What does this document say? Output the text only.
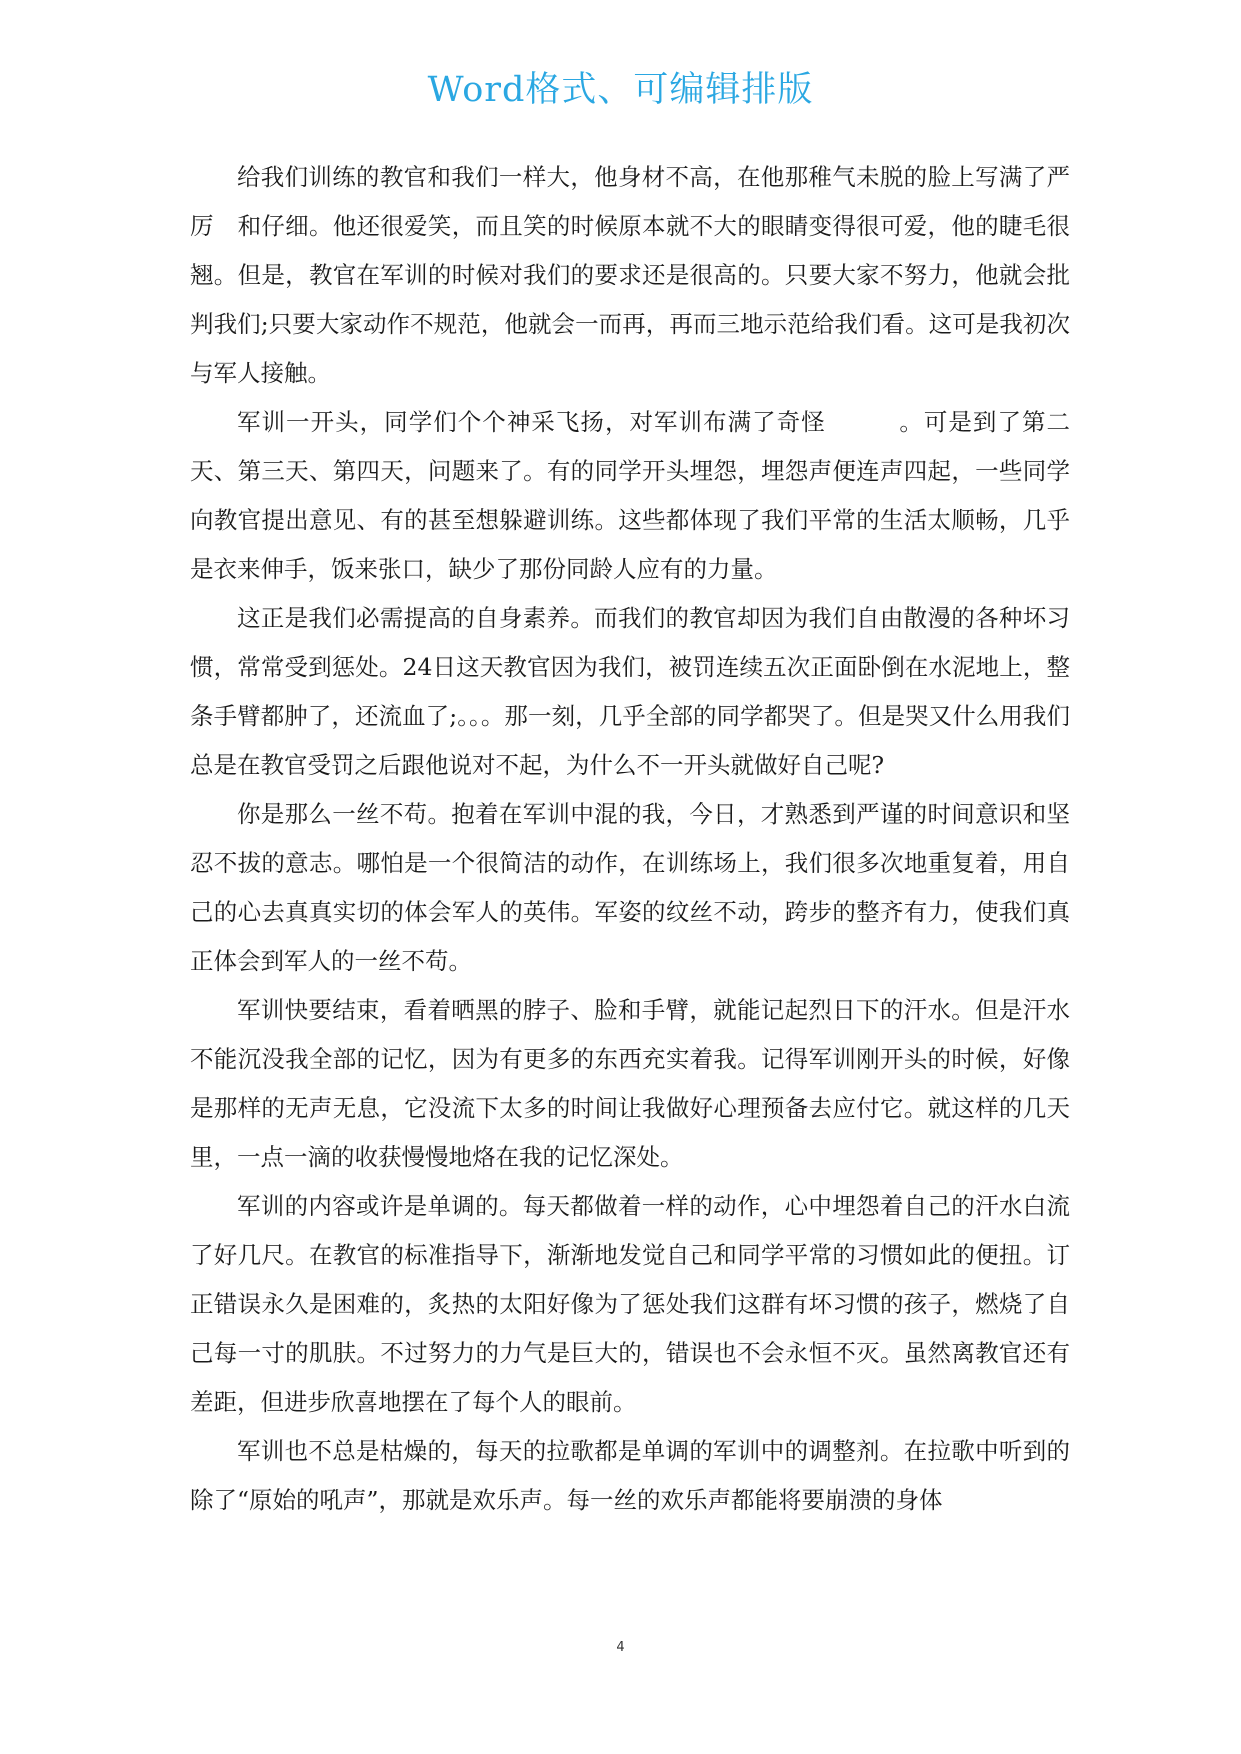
Word格式、可编辑排版

给我们训练的教官和我们一样大，他身材不高，在他那稚气未脱的脸上写满了严厉　和仔细。他还很爱笑，而且笑的时候原本就不大的眼睛变得很可爱，他的睫毛很翘。但是，教官在军训的时候对我们的要求还是很高的。只要大家不努力，他就会批判我们;只要大家动作不规范，他就会一而再，再而三地示范给我们看。这可是我初次与军人接触。

军训一开头，同学们个个神采飞扬，对军训布满了奇怪　　　。可是到了第二天、第三天、第四天，问题来了。有的同学开头埋怨，埋怨声便连声四起，一些同学向教官提出意见、有的甚至想躲避训练。这些都体现了我们平常的生活太顺畅，几乎是衣来伸手，饭来张口，缺少了那份同龄人应有的力量。

这正是我们必需提高的自身素养。而我们的教官却因为我们自由散漫的各种坏习惯，常常受到惩处。24日这天教官因为我们，被罚连续五次正面卧倒在水泥地上，整条手臂都肿了，还流血了;。。。那一刻，几乎全部的同学都哭了。但是哭又什么用我们总是在教官受罚之后跟他说对不起，为什么不一开头就做好自己呢?

你是那么一丝不苟。抱着在军训中混的我，今日，才熟悉到严谨的时间意识和坚忍不拔的意志。哪怕是一个很简洁的动作，在训练场上，我们很多次地重复着，用自己的心去真真实切的体会军人的英伟。军姿的纹丝不动，跨步的整齐有力，使我们真正体会到军人的一丝不苟。

军训快要结束，看着晒黑的脖子、脸和手臂，就能记起烈日下的汗水。但是汗水不能沉没我全部的记忆，因为有更多的东西充实着我。记得军训刚开头的时候，好像是那样的无声无息，它没流下太多的时间让我做好心理预备去应付它。就这样的几天里，一点一滴的收获慢慢地烙在我的记忆深处。

军训的内容或许是单调的。每天都做着一样的动作，心中埋怨着自己的汗水白流了好几尺。在教官的标准指导下，渐渐地发觉自己和同学平常的习惯如此的便扭。订正错误永久是困难的，炙热的太阳好像为了惩处我们这群有坏习惯的孩子，燃烧了自己每一寸的肌肤。不过努力的力气是巨大的，错误也不会永恒不灭。虽然离教官还有差距，但进步欣喜地摆在了每个人的眼前。

军训也不总是枯燥的，每天的拉歌都是单调的军训中的调整剂。在拉歌中听到的除了“原始的吼声”，那就是欢乐声。每一丝的欢乐声都能将要崩溃的身体

4
